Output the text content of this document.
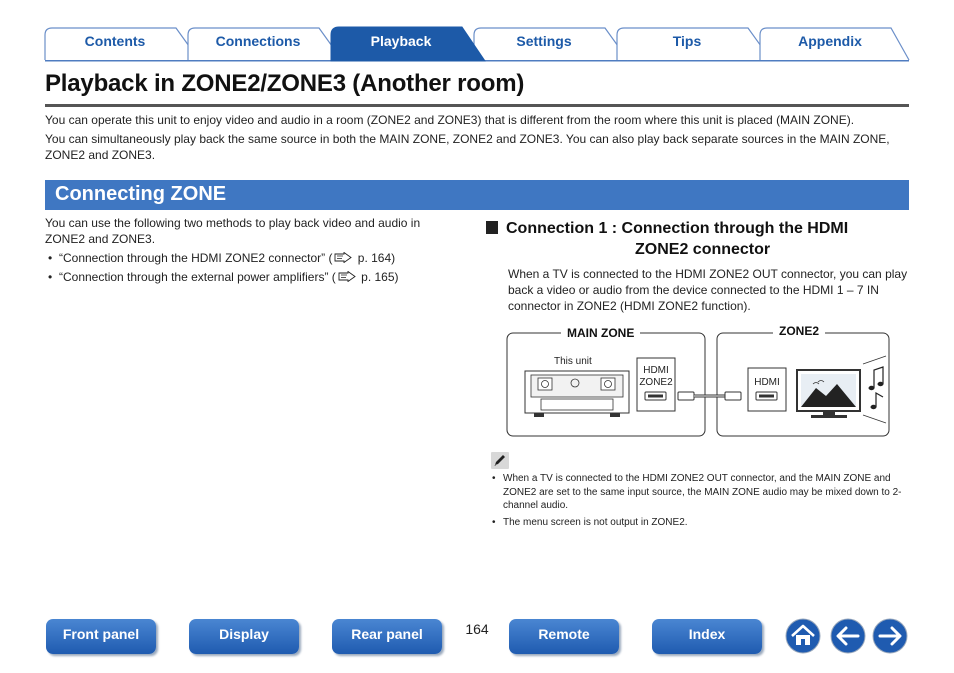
Contents	Connections	Playback	Settings	Tips	Appendix
Playback in ZONE2/ZONE3 (Another room)

You can operate this unit to enjoy video and audio in a room (ZONE2 and ZONE3) that is different from the room where this unit is placed (MAIN ZONE).

You can simultaneously play back the same source in both the MAIN ZONE, ZONE2 and ZONE3. You can also play back separate sources in the MAIN ZONE, ZONE2 and ZONE3.

Connecting ZONE

You can use the following two methods to play back video and audio in ZONE2 and ZONE3.

• “Connection through the HDMI ZONE2 connector” ( p. 164)
• “Connection through the external power amplifiers” ( p. 165)
Connection 1 : Connection through the HDMI
ZONE2 connector
When a TV is connected to the HDMI ZONE2 OUT connector, you can play back a video or audio from the device connected to the HDMI 1 – 7 IN connector in ZONE2 (HDMI ZONE2 function).
MAIN ZONE	ZONE2
This unit
HDMI
ZONE2	HDMI
• When a TV is connected to the HDMI ZONE2 OUT connector, and the MAIN ZONE and ZONE2 are set to the same input source, the MAIN ZONE audio may be mixed down to 2-channel audio.
• The menu screen is not output in ZONE2.
Front panel	Display	Rear panel	164	Remote	Index
